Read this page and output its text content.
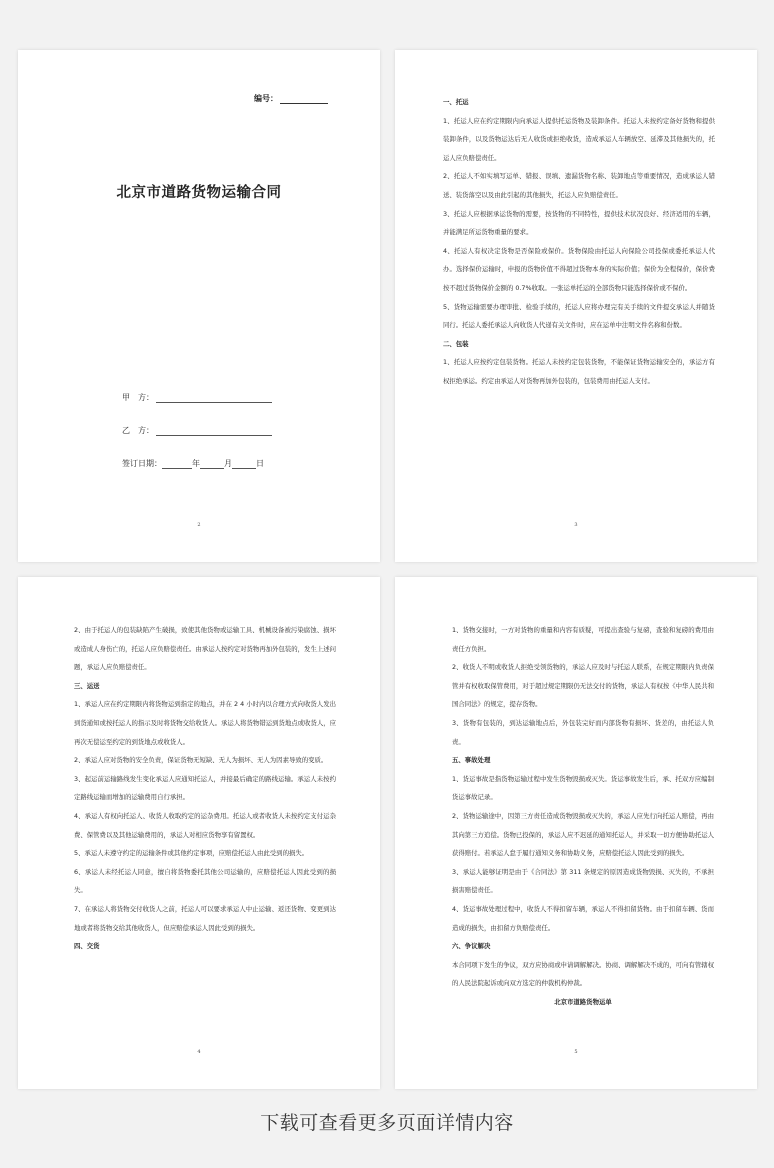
编号：
北京市道路货物运输合同
甲　方：
乙　方：
签订日期：	年	月	日
2

一、托运

1、托运人应在约定期限内向承运人提供托运货物及装卸条件。托运人未按约定备好货物和提供装卸条件，以及货物运达后无人收货或拒绝收货，造成承运人车辆放空、延滞及其他损失的，托运人应负赔偿责任。

2、托运人不如实填写运单、错报、误填、遗漏货物名称、装卸地点等重要情况，造成承运人错送、装货落空以及由此引起的其他损失，托运人应负赔偿责任。

3、托运人应根据承运货物的需要，按货物的不同特性，提供技术状况良好、经济适用的车辆，并能满足所运货物重量的要求。

4、托运人有权决定货物是否保险或保价。货物保险由托运人向保险公司投保或委托承运人代办。选择保价运输时，申报的货物价值不得超过货物本身的实际价值；保价为全程保价，保价费按不超过货物保价金额的 0.7%收取。一张运单托运的全部货物只能选择保价或不保价。

5、货物运输需要办理审批、检验手续的，托运人应将办理完有关手续的文件提交承运人并随货同行。托运人委托承运人向收货人代递有关文件时，应在运单中注明文件名称和份数。

二、包装

1、托运人应按约定包装货物。托运人未按约定包装货物，不能保证货物运输安全的，承运方有权拒绝承运。约定由承运人对货物再加外包装的，包装费用由托运人支付。

3

2、由于托运人的包装缺陷产生破损，致使其他货物或运输工具、机械设备被污染腐蚀、损坏或造成人身伤亡的，托运人应负赔偿责任。由承运人按约定对货物再加外包装的，发生上述问题，承运人应负赔偿责任。

三、运送

1、承运人应在约定期限内将货物运到指定的地点，并在 2 4 小时内以合理方式向收货人发出到货通知或按托运人的指示及时将货物交给收货人。承运人将货物错运到货地点或收货人，应再次无偿运至约定的到货地点或收货人。

2、承运人应对货物的安全负责，保证货物无短缺、无人为损坏、无人为因素导致的变质。

3、起运前运输路线发生变化承运人应通知托运人，并接最后确定的路线运输。承运人未按约定路线运输而增加的运输费用自行承担。

4、承运人有权向托运人、收货人收取约定的运杂费用。托运人或者收货人未按约定支付运杂费、保管费以及其他运输费用的，承运人对相应货物享有留置权。

5、承运人未遵守约定的运输条件或其他约定事项，应赔偿托运人由此受到的损失。

6、承运人未经托运人同意，擅自将货物委托其他公司运输的，应赔偿托运人因此受到的损失。

7、在承运人将货物交付收货人之前，托运人可以要求承运人中止运输、返还货物、变更到达地或者将货物交给其他收货人，但应赔偿承运人因此受到的损失。

四、交货

4

1、货物交接时，一方对货物的重量和内容有质疑，可提出查验与复磅，查验和复磅的费用由责任方负担。

2、收货人不明或收货人拒绝受领货物的，承运人应及时与托运人联系，在规定期限内负责保管并有权收取保管费用，对于超过规定期限仍无法交付的货物，承运人有权按《中华人民共和国合同法》的规定，提存货物。

3、货物有包装的，到达运输地点后，外包装完好而内部货物有损坏、货差的，由托运人负责。

五、事故处理

1、货运事故是指货物运输过程中发生货物毁损或灭失。货运事故发生后，承、托双方应编制货运事故记录。

2、货物运输途中，因第三方责任造成货物毁损或灭失的，承运人应先行向托运人赔偿，再由其向第三方追偿。货物已投保的，承运人应不迟延的通知托运人，并采取一切方便协助托运人获得赔付。若承运人怠于履行通知义务和协助义务，应赔偿托运人因此受到的损失。

3、承运人能够证明是由于《合同法》第 311 条规定的原因造成货物毁损、灭失的，不承担损害赔偿责任。

4、货运事故处理过程中，收货人不得扣留车辆，承运人不得扣留货物。由于扣留车辆、货而造成的损失，由扣留方负赔偿责任。

六、争议解决

本合同项下发生的争议，双方应协商或申请调解解决。协商、调解解决不成的，可向有管辖权的人民法院起诉或向双方选定的仲裁机构仲裁。

北京市道路货物运单

5
下载可查看更多页面详情内容
